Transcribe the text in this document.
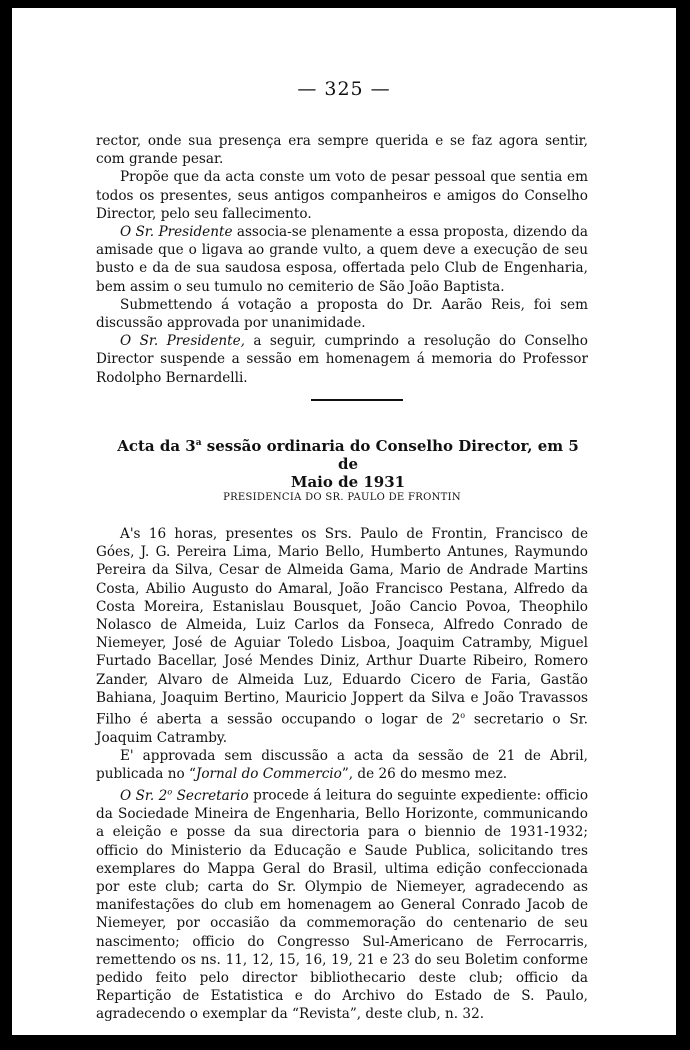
— 325 —

rector, onde sua presença era sempre querida e se faz agora sentir, com grande pesar.

Propõe que da acta conste um voto de pesar pessoal que sentia em todos os presentes, seus antigos companheiros e amigos do Conselho Director, pelo seu fallecimento.

O Sr. Presidente associa-se plenamente a essa proposta, dizendo da amisade que o ligava ao grande vulto, a quem deve a execução de seu busto e da de sua saudosa esposa, offertada pelo Club de Engenharia, bem assim o seu tumulo no cemiterio de São João Baptista.

Submettendo á votação a proposta do Dr. Aarão Reis, foi sem discussão approvada por unanimidade.

O Sr. Presidente, a seguir, cumprindo a resolução do Conselho Director suspende a sessão em homenagem á memoria do Professor Rodolpho Bernardelli.

Acta da 3$^a$ sessão ordinaria do Conselho Director, em 5 de
Maio de 1931
PRESIDENCIA DO SR. PAULO DE FRONTIN

A's 16 horas, presentes os Srs. Paulo de Frontin, Francisco de Góes, J. G. Pereira Lima, Mario Bello, Humberto Antunes, Raymundo Pereira da Silva, Cesar de Almeida Gama, Mario de Andrade Martins Costa, Abilio Augusto do Amaral, João Francisco Pestana, Alfredo da Costa Moreira, Estanislau Bousquet, João Cancio Povoa, Theophilo Nolasco de Almeida, Luiz Carlos da Fonseca, Alfredo Conrado de Niemeyer, José de Aguiar Toledo Lisboa, Joaquim Catramby, Miguel Furtado Bacellar, José Mendes Diniz, Arthur Duarte Ribeiro, Romero Zander, Alvaro de Almeida Luz, Eduardo Cicero de Faria, Gastão Bahiana, Joaquim Bertino, Mauricio Joppert da Silva e João Travassos Filho é aberta a sessão occupando o logar de 2$^o$ secretario o Sr. Joaquim Catramby.

E' approvada sem discussão a acta da sessão de 21 de Abril, publicada no “Jornal do Commercio”, de 26 do mesmo mez.

O Sr. 2$^o$ Secretario procede á leitura do seguinte expediente: officio da Sociedade Mineira de Engenharia, Bello Horizonte, communicando a eleição e posse da sua directoria para o biennio de 1931-1932; officio do Ministerio da Educação e Saude Publica, solicitando tres exemplares do Mappa Geral do Brasil, ultima edição confeccionada por este club; carta do Sr. Olympio de Niemeyer, agradecendo as manifestações do club em homenagem ao General Conrado Jacob de Niemeyer, por occasião da commemoração do centenario de seu nascimento; officio do Congresso Sul-Americano de Ferrocarris, remettendo os ns. 11, 12, 15, 16, 19, 21 e 23 do seu Boletim conforme pedido feito pelo director bibliothecario deste club; officio da Repartição de Estatistica e do Archivo do Estado de S. Paulo, agradecendo o exemplar da “Revista”, deste club, n. 32.
